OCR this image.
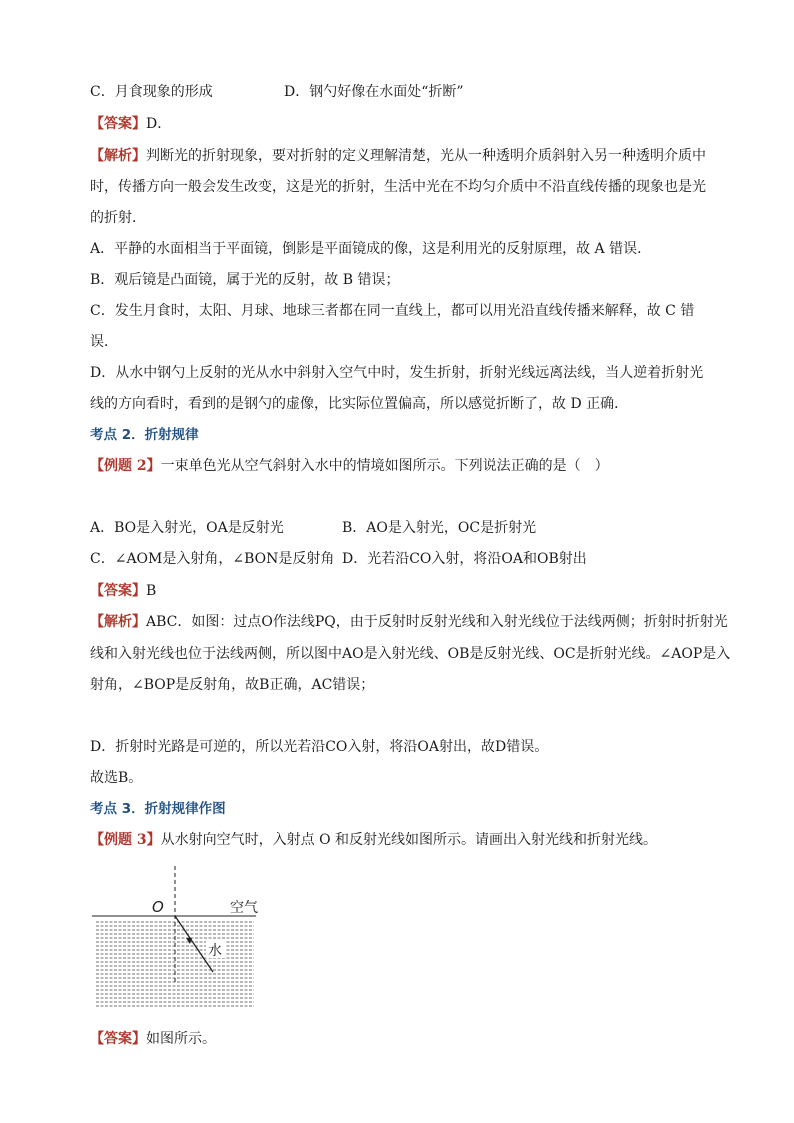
C．月食现象的形成	D．钢勺好像在水面处“折断”
【答案】D．
【解析】判断光的折射现象，要对折射的定义理解清楚，光从一种透明介质斜射入另一种透明介质中
时，传播方向一般会发生改变，这是光的折射，生活中光在不均匀介质中不沿直线传播的现象也是光
的折射．
A．平静的水面相当于平面镜，倒影是平面镜成的像，这是利用光的反射原理，故 A 错误．
B．观后镜是凸面镜，属于光的反射，故 B 错误；
C．发生月食时，太阳、月球、地球三者都在同一直线上，都可以用光沿直线传播来解释，故 C 错
误．
D．从水中钢勺上反射的光从水中斜射入空气中时，发生折射，折射光线远离法线，当人逆着折射光
线的方向看时，看到的是钢勺的虚像，比实际位置偏高，所以感觉折断了，故 D 正确．
考点 2．折射规律
【例题 2】一束单色光从空气斜射入水中的情境如图所示。下列说法正确的是（　）
A．BO是入射光，OA是反射光	B．AO是入射光，OC是折射光
C．∠AOM是入射角，∠BON是反射角 D．光若沿CO入射，将沿OA和OB射出
【答案】B
【解析】ABC．如图：过点O作法线PQ，由于反射时反射光线和入射光线位于法线两侧；折射时折射光
线和入射光线也位于法线两侧，所以图中AO是入射光线、OB是反射光线、OC是折射光线。∠AOP是入
射角，∠BOP是反射角，故B正确，AC错误；
D．折射时光路是可逆的，所以光若沿CO入射，将沿OA射出，故D错误。
故选B。
考点 3．折射规律作图
【例题 3】从水射向空气时，入射点 O 和反射光线如图所示。请画出入射光线和折射光线。
O	空气
水
【答案】如图所示。
